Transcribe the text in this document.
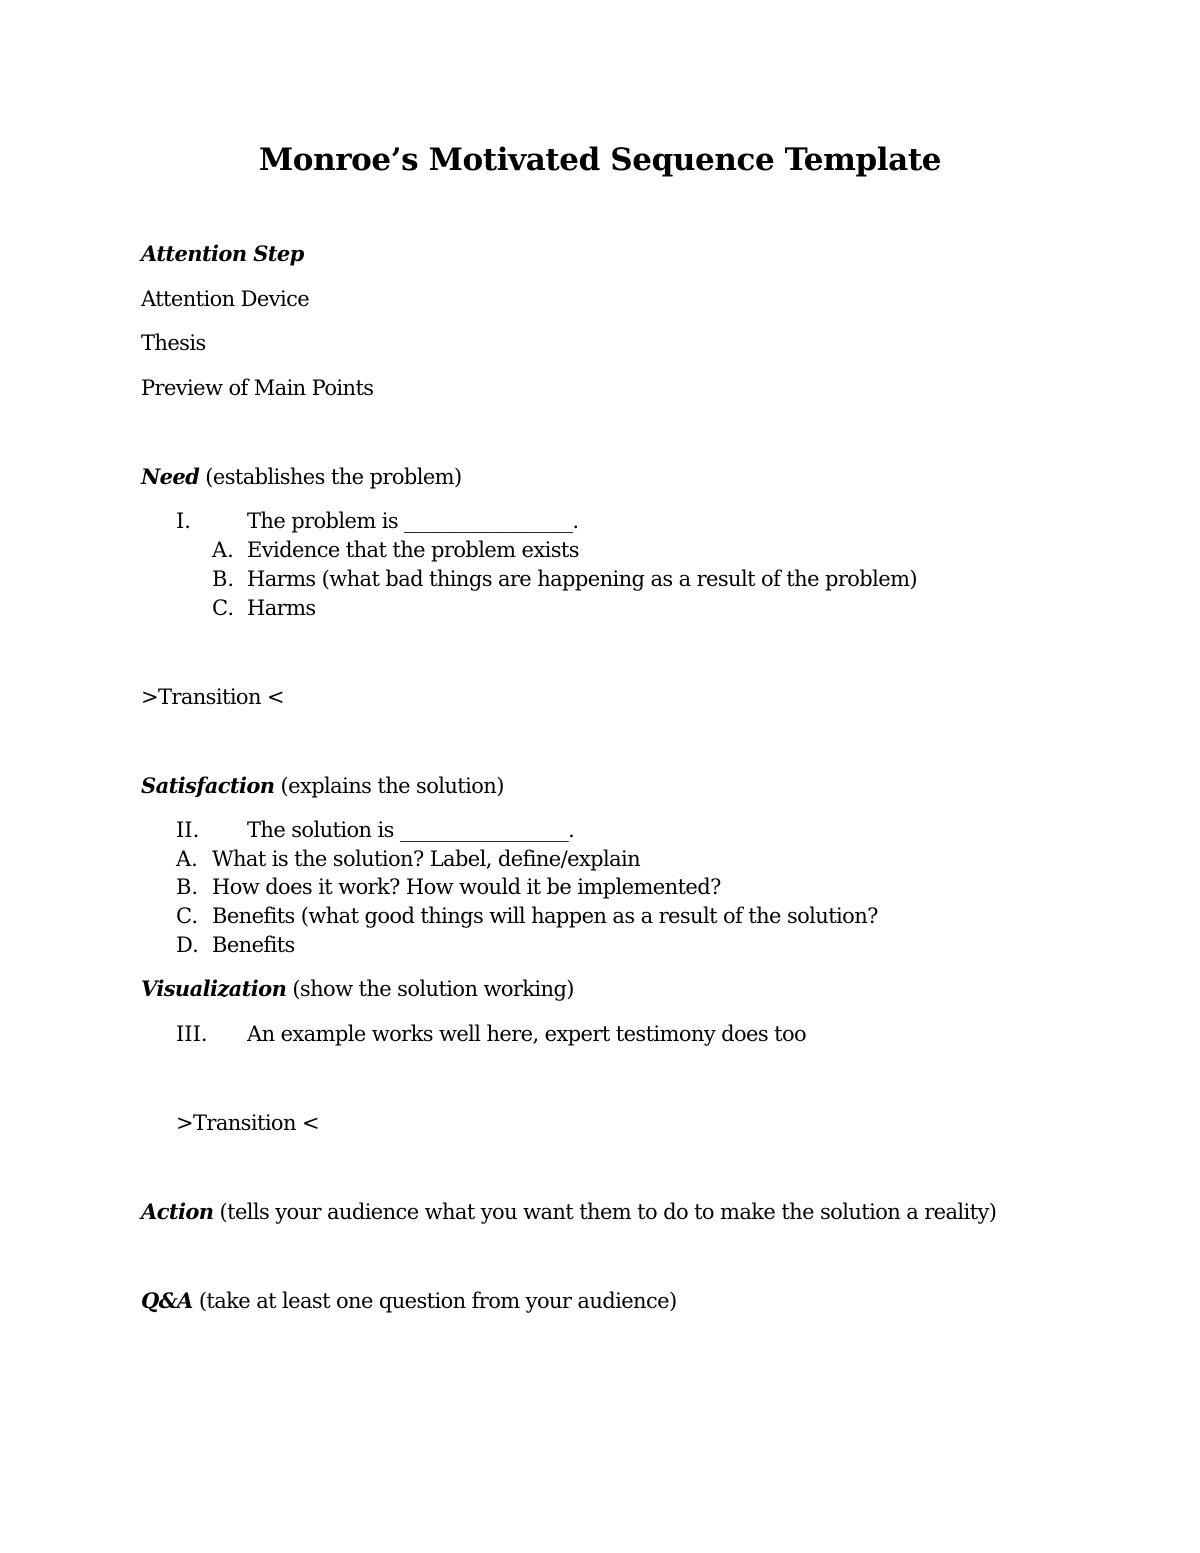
Monroe’s Motivated Sequence Template
Attention Step
Attention Device
Thesis
Preview of Main Points
Need (establishes the problem)
I.	The problem is _________________.
A. Evidence that the problem exists
B. Harms (what bad things are happening as a result of the problem)
C. Harms
>Transition <
Satisfaction (explains the solution)
II. The solution is _________________.
A. What is the solution? Label, define/explain
B. How does it work? How would it be implemented?
C. Benefits (what good things will happen as a result of the solution?
D. Benefits
Visualization (show the solution working)
III. An example works well here, expert testimony does too
>Transition <
Action (tells your audience what you want them to do to make the solution a reality)
Q&A (take at least one question from your audience)
